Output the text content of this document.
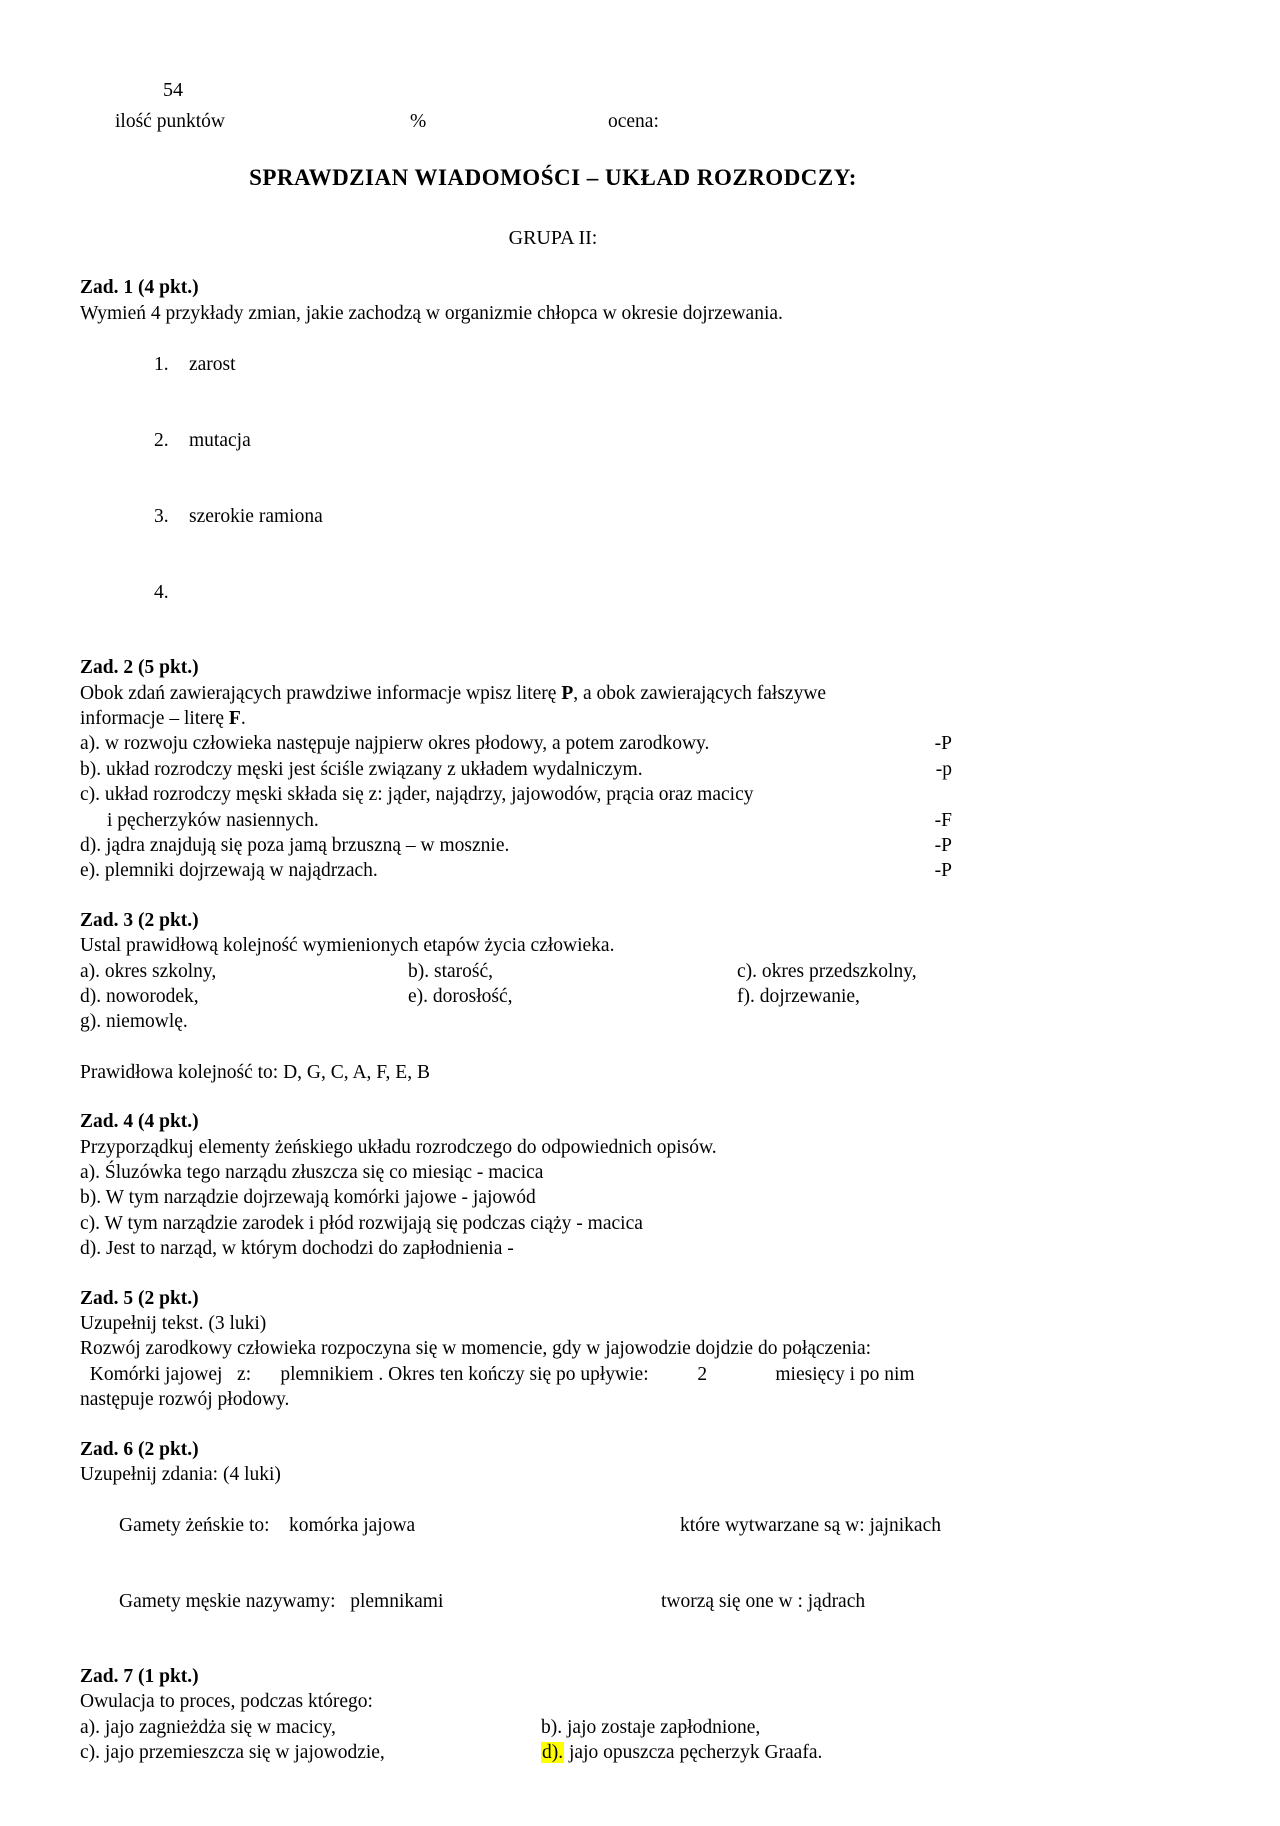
54
ilość punktów	%	ocena:
SPRAWDZIAN WIADOMOŚCI – UKŁAD ROZRODCZY:
GRUPA II:
Zad. 1 (4 pkt.)
Wymień 4 przykłady zmian, jakie zachodzą w organizmie chłopca w okresie dojrzewania.

1. zarost

2. mutacja

3. szerokie ramiona

4.

Zad. 2 (5 pkt.)
Obok zdań zawierających prawdziwe informacje wpisz literę P, a obok zawierających fałszywe
informacje – literę F.
a). w rozwoju człowieka następuje najpierw okres płodowy, a potem zarodkowy.	-P
b). układ rozrodczy męski jest ściśle związany z układem wydalniczym.	-p
c). układ rozrodczy męski składa się z: jąder, najądrzy, jajowodów, prącia oraz macicy
i pęcherzyków nasiennych.	-F
d). jądra znajdują się poza jamą brzuszną – w mosznie.	-P
e). plemniki dojrzewają w najądrzach.	-P
Zad. 3 (2 pkt.)
Ustal prawidłową kolejność wymienionych etapów życia człowieka.
a). okres szkolny,	b). starość,	c). okres przedszkolny,
d). noworodek,	e). dorosłość,	f). dojrzewanie,
g). niemowlę.
Prawidłowa kolejność to: D, G, C, A, F, E, B
Zad. 4 (4 pkt.)
Przyporządkuj elementy żeńskiego układu rozrodczego do odpowiednich opisów.
a). Śluzówka tego narządu złuszcza się co miesiąc - macica
b). W tym narządzie dojrzewają komórki jajowe - jajowód
c). W tym narządzie zarodek i płód rozwijają się podczas ciąży - macica
d). Jest to narząd, w którym dochodzi do zapłodnienia -
Zad. 5 (2 pkt.)
Uzupełnij tekst. (3 luki)
Rozwój zarodkowy człowieka rozpoczyna się w momencie, gdy w jajowodzie dojdzie do połączenia:
Komórki jajowej   z:      plemnikiem . Okres ten kończy się po upływie:          2              miesięcy i po nim
następuje rozwój płodowy.
Zad. 6 (2 pkt.)
Uzupełnij zdania: (4 luki)

Gamety żeńskie to:    komórka jajowa	które wytwarzane są w: jajnikach

Gamety męskie nazywamy:   plemnikami	tworzą się one w : jądrach

Zad. 7 (1 pkt.)
Owulacja to proces, podczas którego:
a). jajo zagnieżdża się w macicy,	b). jajo zostaje zapłodnione,
c). jajo przemieszcza się w jajowodzie,	d). jajo opuszcza pęcherzyk Graafa.
